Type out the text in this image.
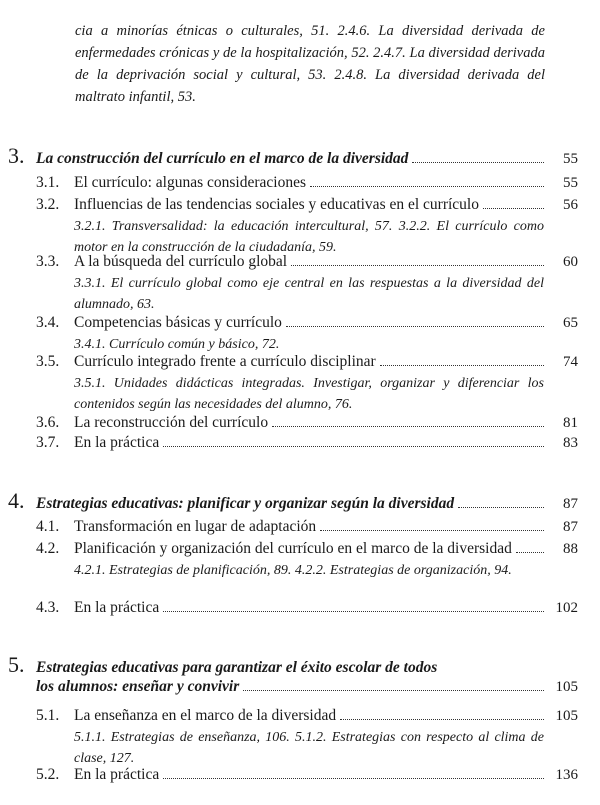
cia a minorías étnicas o culturales, 51. 2.4.6. La diversidad derivada de enfermedades crónicas y de la hospitalización, 52. 2.4.7. La diversidad derivada de la deprivación social y cultural, 53. 2.4.8. La diversidad derivada del maltrato infantil, 53.
3. La construcción del currículo en el marco de la diversidad	55
3.1. El currículo: algunas consideraciones	55
3.2. Influencias de las tendencias sociales y educativas en el currículo	56
3.2.1. Transversalidad: la educación intercultural, 57. 3.2.2. El currículo como motor en la construcción de la ciudadanía, 59.
3.3. A la búsqueda del currículo global	60
3.3.1. El currículo global como eje central en las respuestas a la diversidad del alumnado, 63.
3.4. Competencias básicas y currículo	65
3.4.1. Currículo común y básico, 72.
3.5. Currículo integrado frente a currículo disciplinar	74
3.5.1. Unidades didácticas integradas. Investigar, organizar y diferenciar los contenidos según las necesidades del alumno, 76.
3.6. La reconstrucción del currículo	81
3.7. En la práctica	83
4. Estrategias educativas: planificar y organizar según la diversidad	87
4.1. Transformación en lugar de adaptación	87
4.2. Planificación y organización del currículo en el marco de la diversidad	88
4.2.1. Estrategias de planificación, 89. 4.2.2. Estrategias de organización, 94.
4.3. En la práctica	102
5. Estrategias educativas para garantizar el éxito escolar de todos
los alumnos: enseñar y convivir	105
5.1. La enseñanza en el marco de la diversidad	105
5.1.1. Estrategias de enseñanza, 106. 5.1.2. Estrategias con respecto al clima de clase, 127.
5.2. En la práctica	136
